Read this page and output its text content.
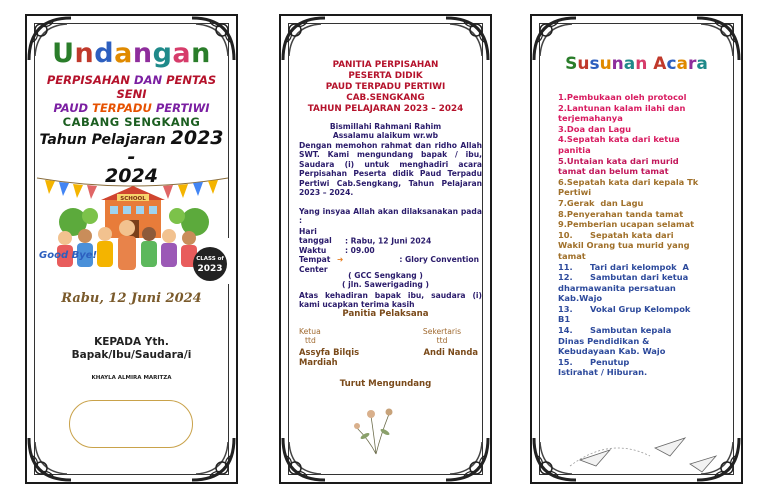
Undangan
PERPISAHAN DAN PENTAS
SENI
PAUD TERPADU PERTIWI
CABANG SENGKANG
Tahun Pelajaran 2023 -
2024
SCHOOL
Good Bye!	CLASS of
2023
Rabu, 12 Juni 2024
KEPADA Yth.
Bapak/Ibu/Saudara/i
KHAYLA ALMIRA MARITZA
PANITIA PERPISAHAN
PESERTA DIDIK
PAUD TERPADU PERTIWI
CAB.SENGKANG
TAHUN PELAJARAN 2023 – 2024
Bismillahi Rahmani Rahim
Assalamu alaikum wr.wb
Dengan memohon rahmat dan ridho Allah SWT. Kami mengundang bapak / ibu, Saudara (i) untuk menghadiri acara Perpisahan Peserta didik Paud Terpadu Pertiwi Cab.Sengkang, Tahun Pelajaran 2023 – 2024.
Yang insyaa Allah akan dilaksanakan pada :
Hari tanggal : Rabu, 12 Juni 2024
Waktu : 09.00
Tempat ➜	: Glory Convention
Center
( GCC Sengkang )
( jln. Sawerigading )
Atas kehadiran bapak ibu, saudara (i) kami ucapkan terima kasih
Panitia Pelaksana
Ketua
ttd
Assyfa Bilqis Mardiah
Sekertaris
ttd
Andi Nanda
Turut Mengundang
Susunan Acara
1.Pembukaan oleh protocol
2.Lantunan kalam ilahi dan
terjemahanya
3.Doa dan Lagu
4.Sepatah kata dari ketua
panitia
5.Untaian kata dari murid
tamat dan belum tamat
6.Sepatah kata dari kepala Tk
Pertiwi
7.Gerak  dan Lagu
8.Penyerahan tanda tamat
9.Pemberian ucapan selamat
10.      Sepatah kata dari
Wakil Orang tua murid yang
tamat
11.      Tari dari kelompok  A
12.      Sambutan dari ketua
dharmawanita persatuan
Kab.Wajo
13.      Vokal Grup Kelompok
B1
14.      Sambutan kepala
Dinas Pendidikan &
Kebudayaan Kab. Wajo
15.      Penutup
Istirahat / Hiburan.
